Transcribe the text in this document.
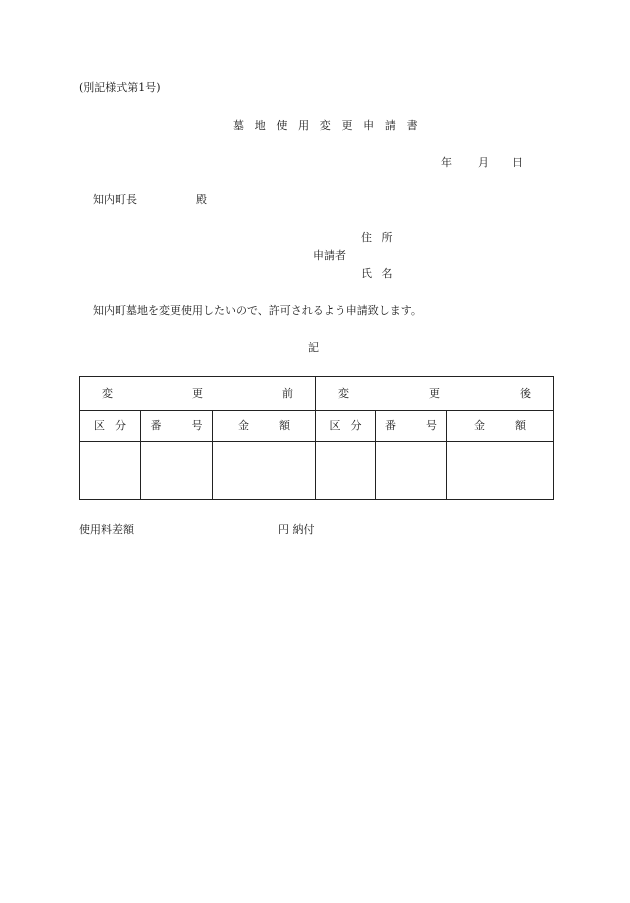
(別記様式第1号)
墓 地 使 用 変 更 申 請 書
年 月 日
知内町長	殿
住 所
申請者
氏 名
知内町墓地を変更使用したいので、許可されるよう申請致します。
記
変 更 前			変 更 後		

区 分	番 号	金 額	区 分	番 号	金 額

使用料差額	円 納付
